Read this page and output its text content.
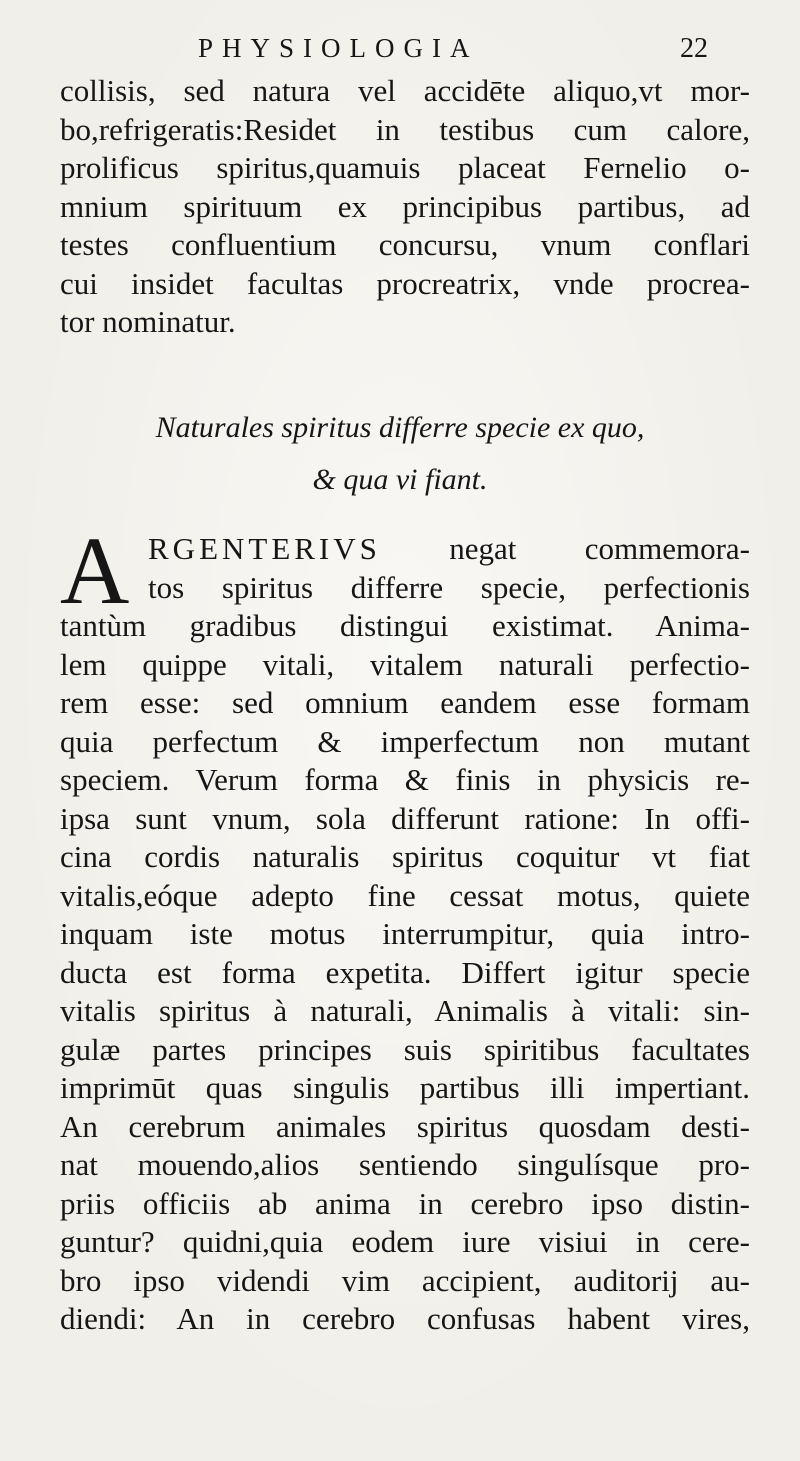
PHYSIOLOGIA	22
collisis, sed natura vel accidēte aliquo,vt mor-
bo,refrigeratis:Residet in testibus cum calore,
prolificus spiritus,quamuis placeat Fernelio o-
mnium spirituum ex principibus partibus, ad
testes confluentium concursu, vnum conflari
cui insidet facultas procreatrix, vnde procrea-
tor nominatur.
Naturales spiritus differre specie ex quo,
& qua vi fiant.
A RGENTERIVS negat commemora-
tos spiritus differre specie, perfectionis
tantùm gradibus distingui existimat. Anima-
lem quippe vitali, vitalem naturali perfectio-
rem esse: sed omnium eandem esse formam
quia perfectum & imperfectum non mutant
speciem. Verum forma & finis in physicis re-
ipsa sunt vnum, sola differunt ratione: In offi-
cina cordis naturalis spiritus coquitur vt fiat
vitalis,eóque adepto fine cessat motus, quiete
inquam iste motus interrumpitur, quia intro-
ducta est forma expetita. Differt igitur specie
vitalis spiritus à naturali, Animalis à vitali: sin-
gulæ partes principes suis spiritibus facultates
imprimūt quas singulis partibus illi impertiant.
An cerebrum animales spiritus quosdam desti-
nat mouendo,alios sentiendo singulísque pro-
priis officiis ab anima in cerebro ipso distin-
guntur? quidni,quia eodem iure visiui in cere-
bro ipso videndi vim accipient, auditorij au-
diendi: An in cerebro confusas habent vires,
